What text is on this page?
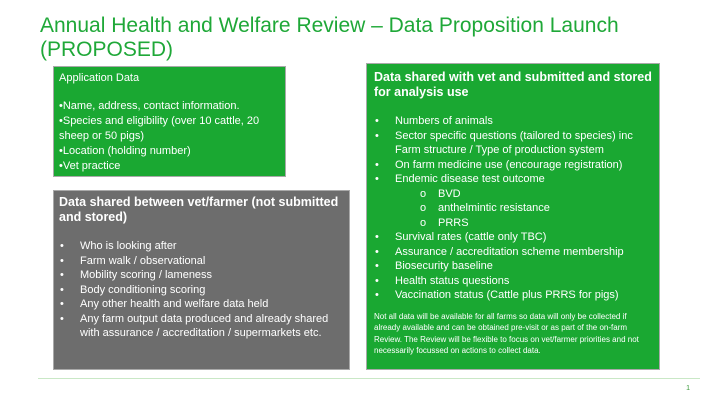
Annual Health and Welfare Review – Data Proposition Launch (PROPOSED)
Application Data
•Name, address, contact information.
•Species and eligibility (over 10 cattle, 20 sheep or 50 pigs)
•Location (holding number)
•Vet practice
Data shared between vet/farmer (not submitted and stored)
• Who is looking after
• Farm walk / observational
• Mobility scoring / lameness
• Body conditioning scoring
• Any other health and welfare data held
• Any farm output data produced and already shared with assurance / accreditation / supermarkets etc.
Data shared with vet and submitted and stored for analysis use
• Numbers of animals
• Sector specific questions (tailored to species) inc Farm structure / Type of production system
• On farm medicine use (encourage registration)
• Endemic disease test outcome
o BVD
o anthelmintic resistance
o PRRS
• Survival rates (cattle only TBC)
• Assurance / accreditation scheme membership
• Biosecurity baseline
• Health status questions
• Vaccination status (Cattle plus PRRS for pigs)
Not all data will be available for all farms so data will only be collected if already available and can be obtained pre-visit or as part of the on-farm Review. The Review will be flexible to focus on vet/farmer priorities and not necessarily focussed on actions to collect data.
1
